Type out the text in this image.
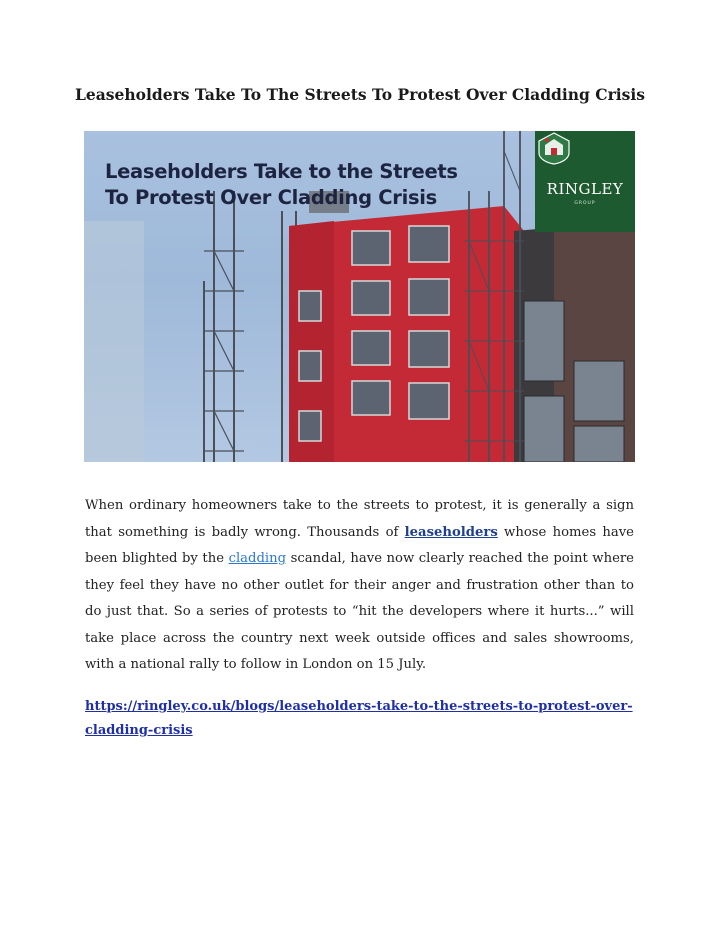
Leaseholders Take To The Streets To Protest Over Cladding Crisis
Leaseholders Take to the Streets
To Protest Over Cladding Crisis	RINGLEY
GROUP
When ordinary homeowners take to the streets to protest, it is generally a sign that something is badly wrong. Thousands of leaseholders whose homes have been blighted by the cladding scandal, have now clearly reached the point where they feel they have no other outlet for their anger and frustration other than to do just that. So a series of protests to “hit the developers where it hurts...” will take place across the country next week outside offices and sales showrooms, with a national rally to follow in London on 15 July.
https://ringley.co.uk/blogs/leaseholders-take-to-the-streets-to-protest-over-cladding-crisis
